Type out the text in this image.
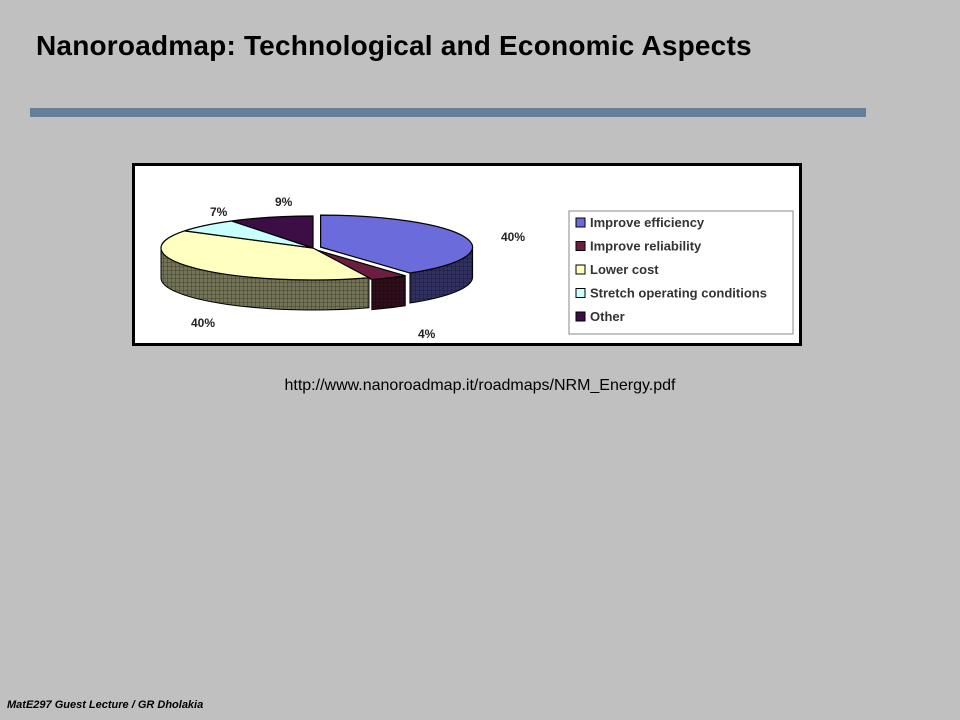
Nanoroadmap: Technological and Economic Aspects
40%
4%
40%
7%
9%
Improve efficiency
Improve reliability
Lower cost
Stretch operating conditions
Other
http://www.nanoroadmap.it/roadmaps/NRM_Energy.pdf
MatE297 Guest Lecture / GR Dholakia
